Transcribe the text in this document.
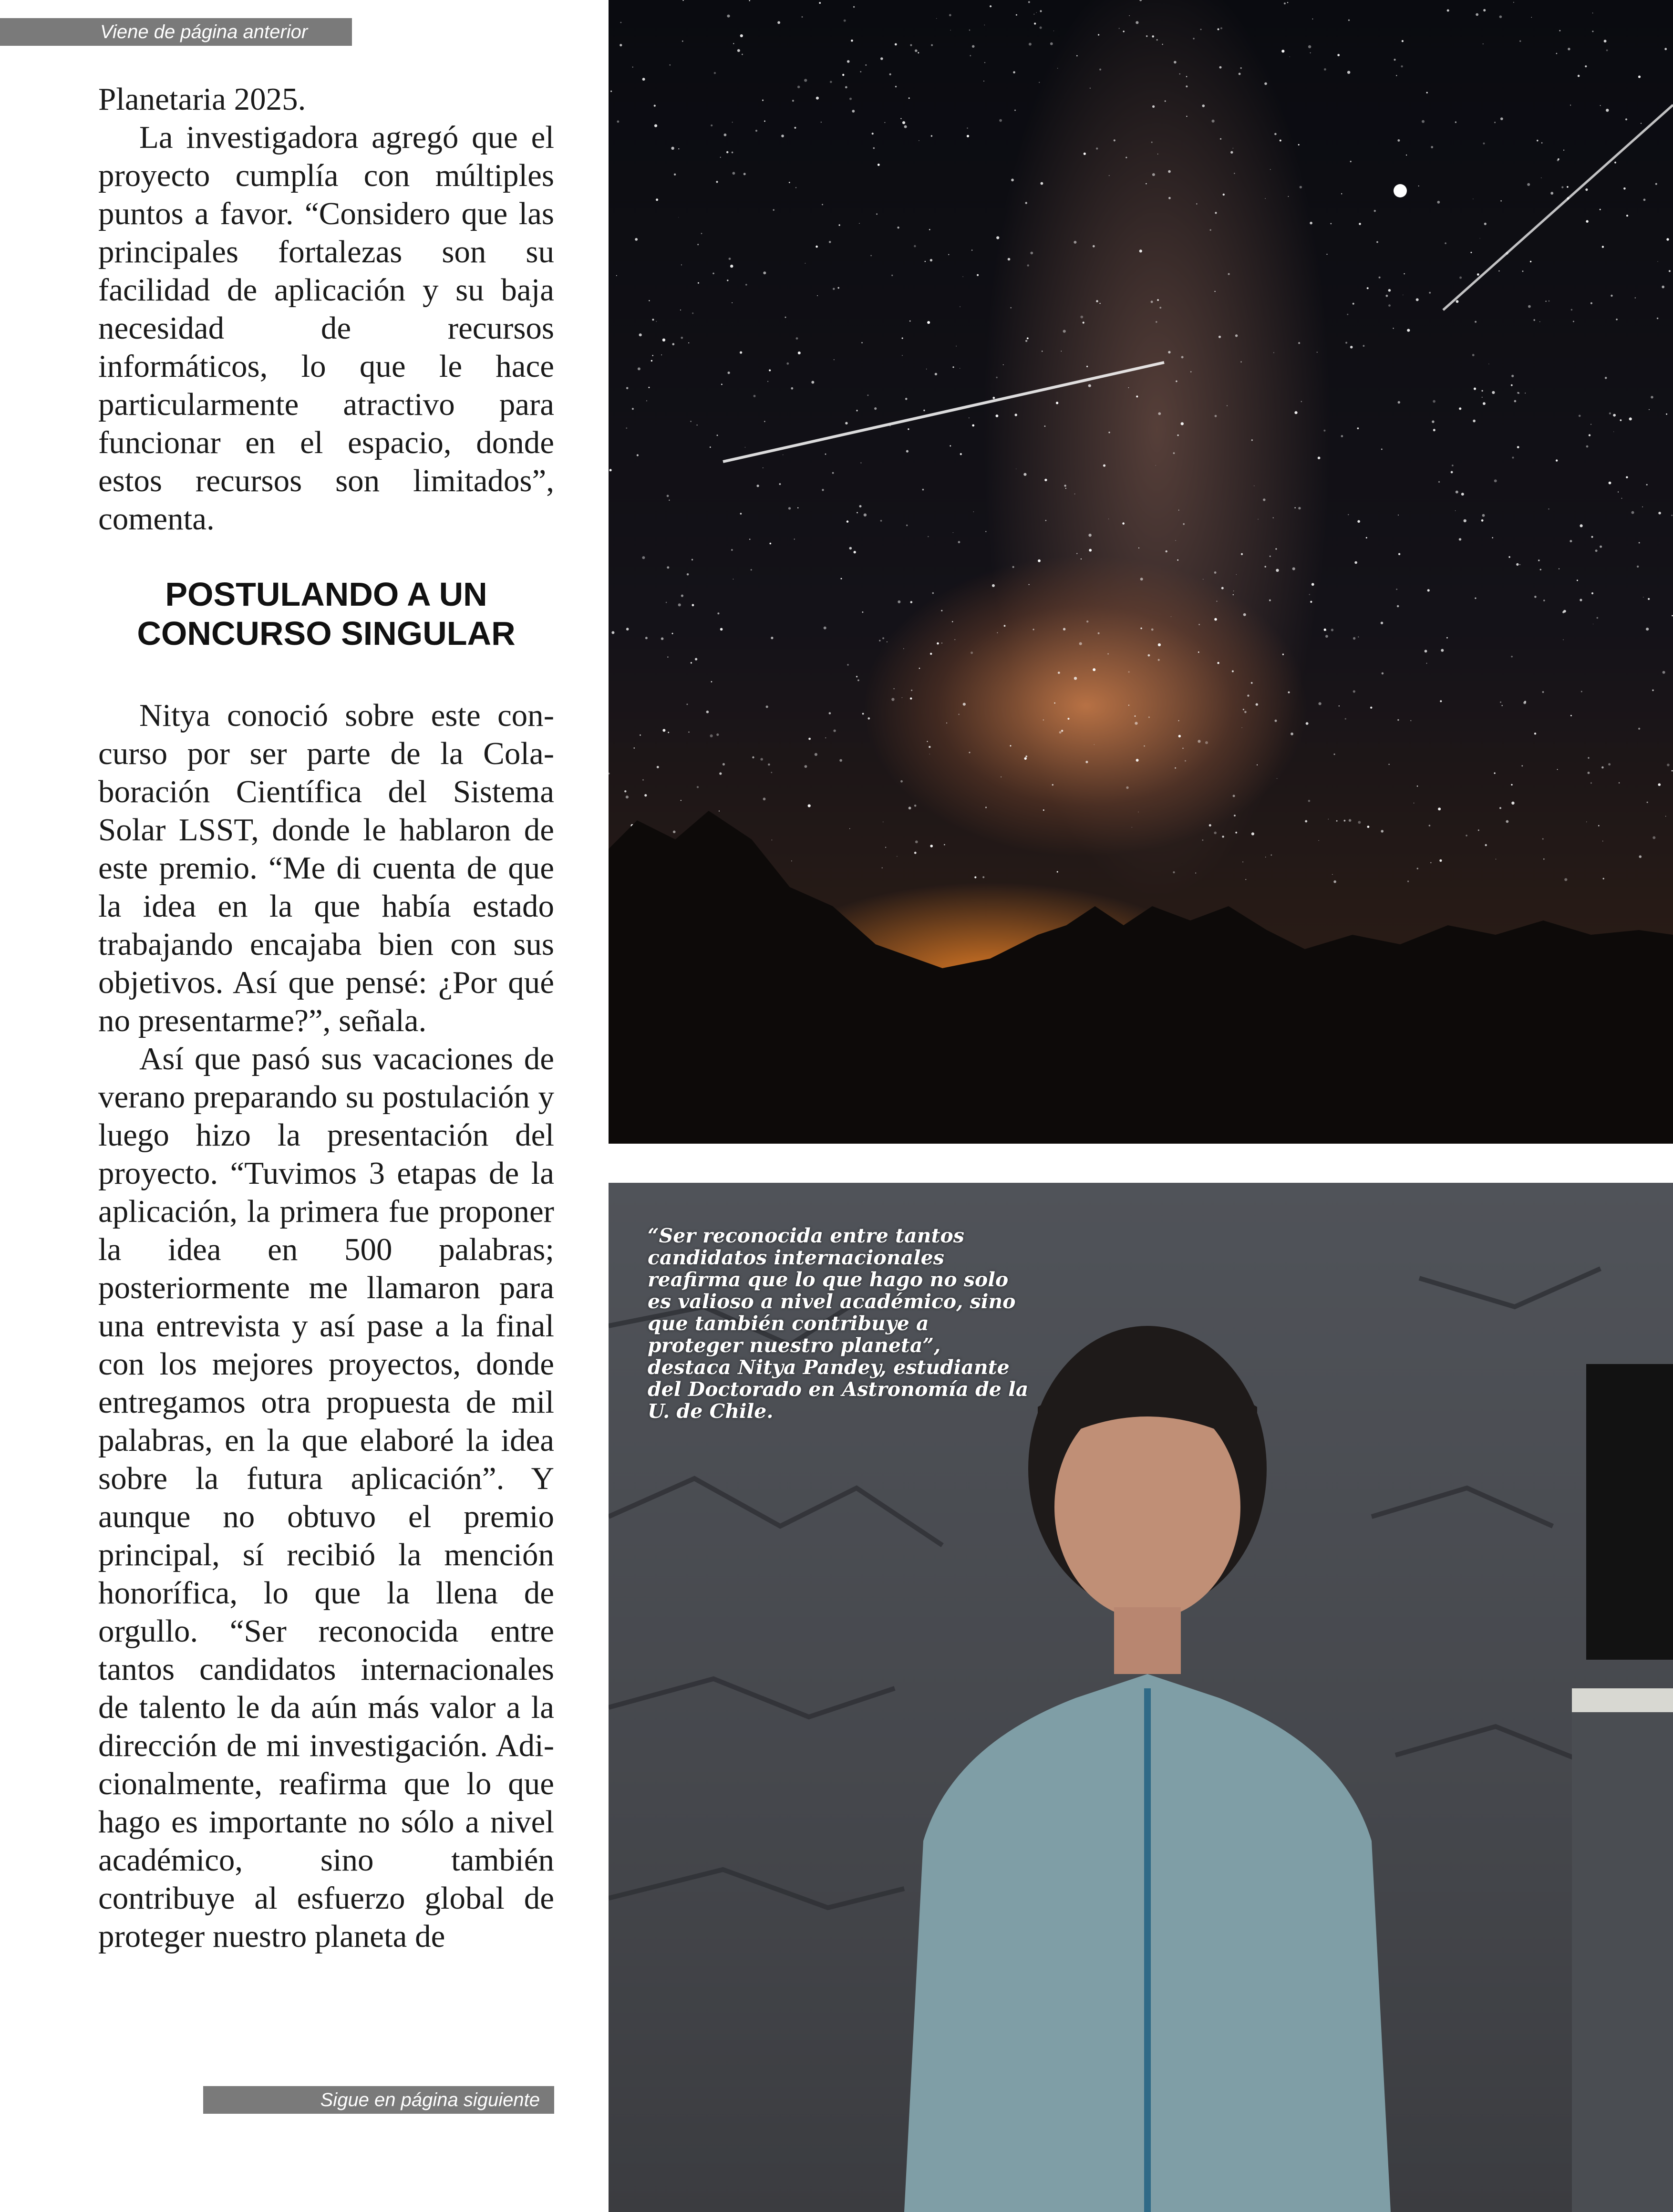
Viene de página anterior

Planetaria 2025.

La investigadora agregó que el proyecto cumplía con múltiples puntos a favor. “Considero que las principales fortalezas son su facilidad de aplicación y su baja necesidad de recursos informáticos, lo que le hace particularmente atractivo para funcionar en el espacio, donde estos recursos son limitados”, comenta.

POSTULANDO A UN CONCURSO SINGULAR

Nitya conoció sobre este concurso por ser parte de la Colaboración Científica del Sistema Solar LSST, donde le hablaron de este premio. “Me di cuenta de que la idea en la que había estado trabajando encajaba bien con sus objetivos. Así que pensé: ¿Por qué no presentarme?”, señala.

Así que pasó sus vacaciones de verano preparando su postulación y luego hizo la presentación del proyecto. “Tuvimos 3 etapas de la aplicación, la primera fue proponer la idea en 500 palabras; posteriormente me llamaron para una entrevista y así pase a la final con los mejores proyectos, donde entregamos otra propuesta de mil palabras, en la que elaboré la idea sobre la futura aplicación”. Y aunque no obtuvo el premio principal, sí recibió la mención honorífica, lo que la llena de orgullo. “Ser reconocida entre tantos candidatos internacionales de talento le da aún más valor a la dirección de mi investigación. Adicionalmente, reafirma que lo que hago es importante no sólo a nivel académico, sino también contribuye al esfuerzo global de proteger nuestro planeta de

Sigue en página siguiente

“Ser reconocida entre tantos candidatos internacionales reafirma que lo que hago no solo es valioso a nivel académico, sino que también contribuye a proteger nuestro planeta”, destaca Nitya Pandey, estudiante del Doctorado en Astronomía de la U. de Chile.
